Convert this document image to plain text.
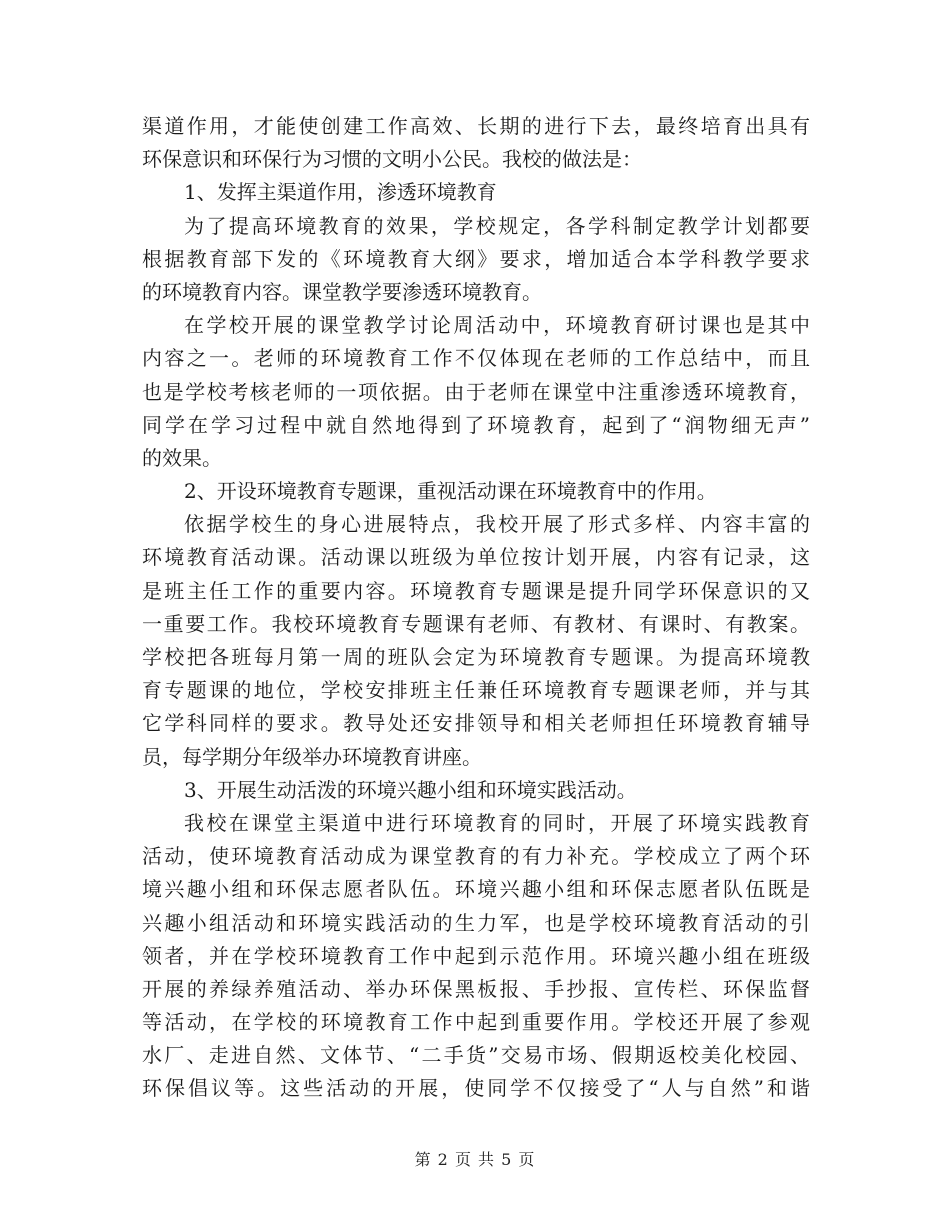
渠道作用，才能使创建工作高效、长期的进行下去，最终培育出具有
环保意识和环保行为习惯的文明小公民。我校的做法是：
1、发挥主渠道作用，渗透环境教育
为了提高环境教育的效果，学校规定，各学科制定教学计划都要
根据教育部下发的《环境教育大纲》要求，增加适合本学科教学要求
的环境教育内容。课堂教学要渗透环境教育。
在学校开展的课堂教学讨论周活动中，环境教育研讨课也是其中
内容之一。老师的环境教育工作不仅体现在老师的工作总结中，而且
也是学校考核老师的一项依据。由于老师在课堂中注重渗透环境教育，
同学在学习过程中就自然地得到了环境教育，起到了“润物细无声”
的效果。
2、开设环境教育专题课，重视活动课在环境教育中的作用。
依据学校生的身心进展特点，我校开展了形式多样、内容丰富的
环境教育活动课。活动课以班级为单位按计划开展，内容有记录，这
是班主任工作的重要内容。环境教育专题课是提升同学环保意识的又
一重要工作。我校环境教育专题课有老师、有教材、有课时、有教案。
学校把各班每月第一周的班队会定为环境教育专题课。为提高环境教
育专题课的地位，学校安排班主任兼任环境教育专题课老师，并与其
它学科同样的要求。教导处还安排领导和相关老师担任环境教育辅导
员，每学期分年级举办环境教育讲座。
3、开展生动活泼的环境兴趣小组和环境实践活动。
我校在课堂主渠道中进行环境教育的同时，开展了环境实践教育
活动，使环境教育活动成为课堂教育的有力补充。学校成立了两个环
境兴趣小组和环保志愿者队伍。环境兴趣小组和环保志愿者队伍既是
兴趣小组活动和环境实践活动的生力军，也是学校环境教育活动的引
领者，并在学校环境教育工作中起到示范作用。环境兴趣小组在班级
开展的养绿养殖活动、举办环保黑板报、手抄报、宣传栏、环保监督
等活动，在学校的环境教育工作中起到重要作用。学校还开展了参观
水厂、走进自然、文体节、“二手货”交易市场、假期返校美化校园、
环保倡议等。这些活动的开展，使同学不仅接受了“人与自然”和谐
第 2 页 共 5 页
